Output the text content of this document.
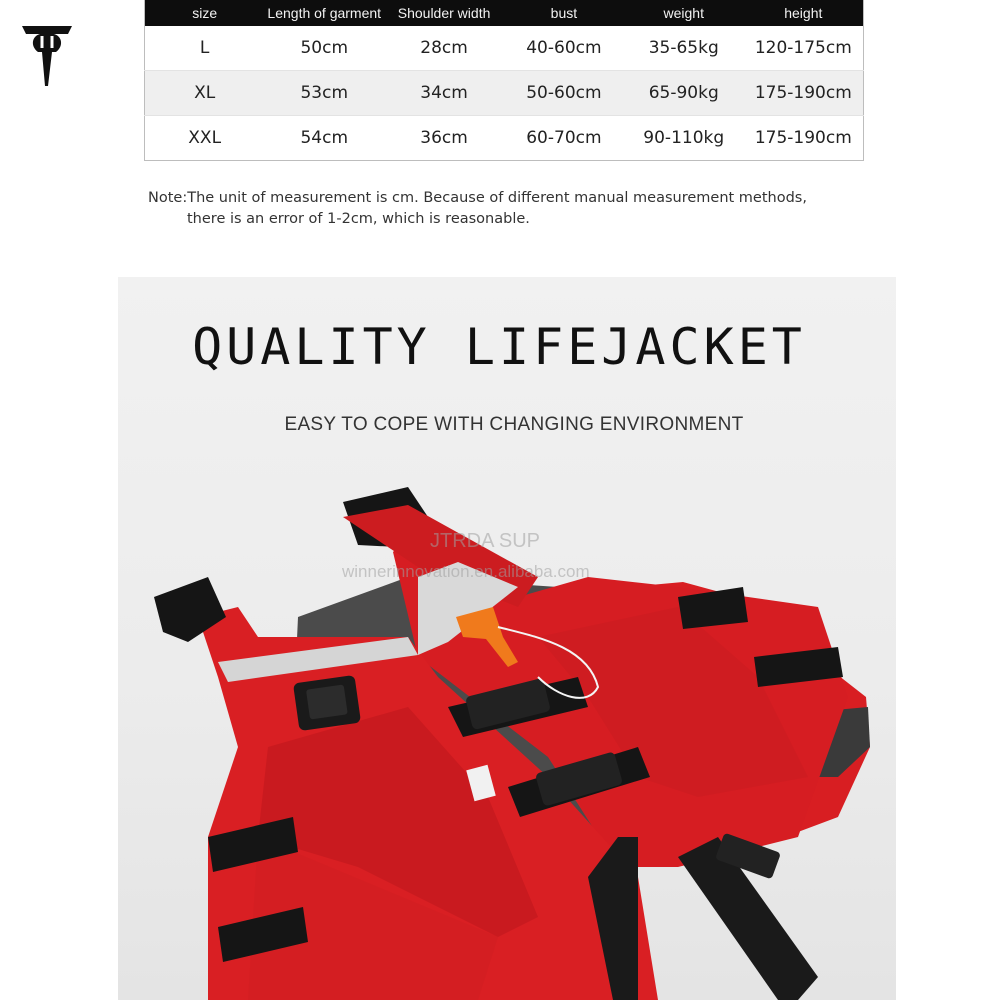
size	Length of garment	Shoulder width	bust	weight	height
L	50cm	28cm	40-60cm	35-65kg	120-175cm
XL	53cm	34cm	50-60cm	65-90kg	175-190cm
XXL	54cm	36cm	60-70cm	90-110kg	175-190cm
Note:The unit of measurement is cm. Because of different manual measurement methods,
there is an error of 1-2cm, which is reasonable.
QUALITY LIFEJACKET
EASY TO COPE WITH CHANGING ENVIRONMENT
JTRDA SUP
winnerinnovation.en.alibaba.com
